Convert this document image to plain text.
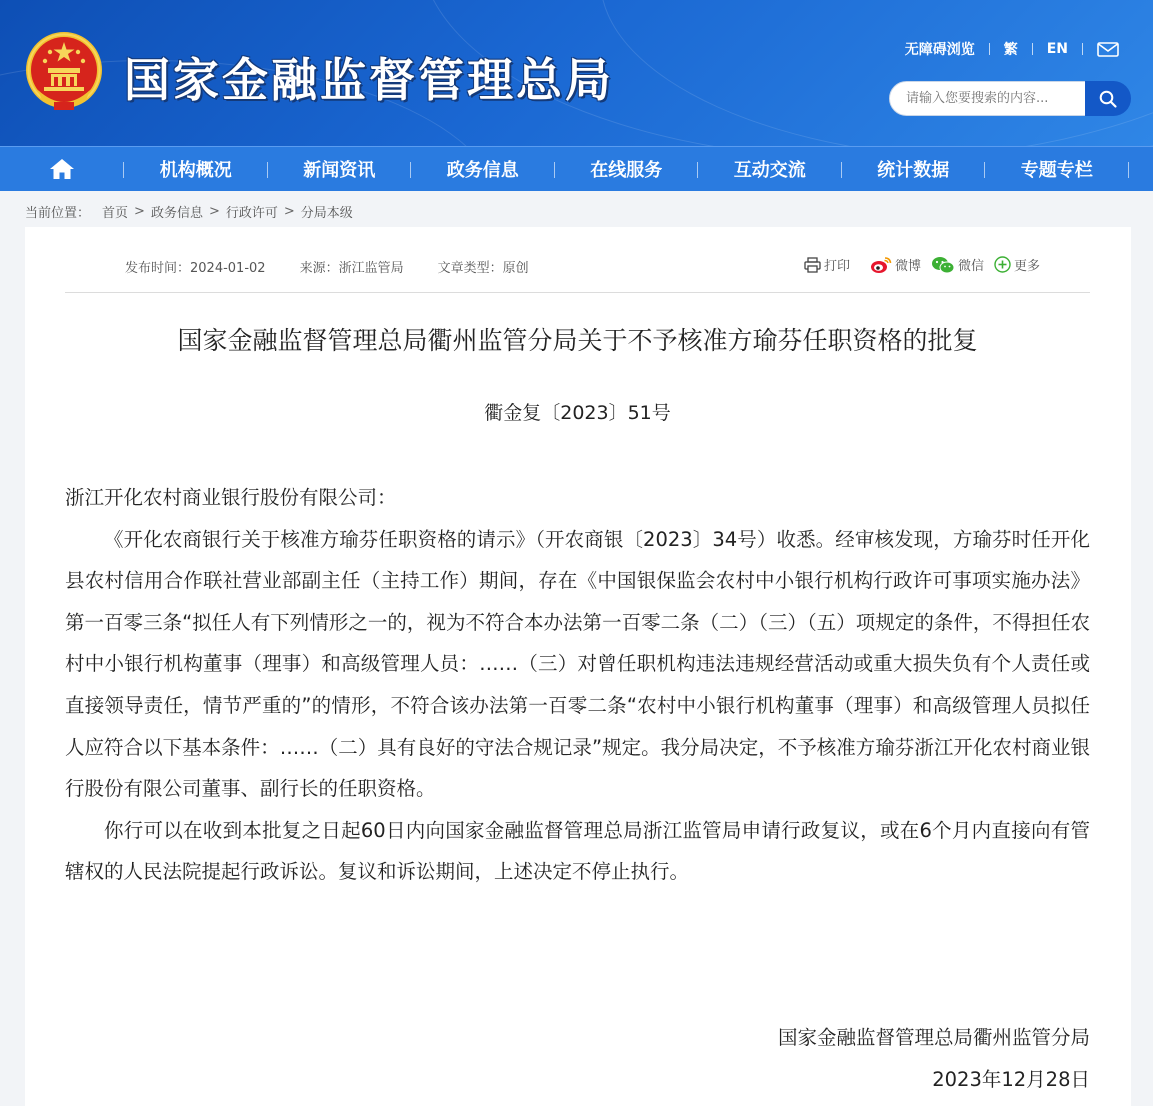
国家金融监督管理总局
无障碍浏览 繁 EN
请输入您要搜索的内容...
机构概况	新闻资讯	政务信息	在线服务	互动交流	统计数据	专题专栏
当前位置： 首页 > 政务信息 > 行政许可 > 分局本级
发布时间：2024-01-02	来源：浙江监管局	文章类型：原创	打印	微博	微信 更多
国家金融监督管理总局衢州监管分局关于不予核准方瑜芬任职资格的批复
衢金复〔2023〕51号

浙江开化农村商业银行股份有限公司：

《开化农商银行关于核准方瑜芬任职资格的请示》（开农商银〔2023〕34号）收悉。经审核发现，方瑜芬时任开化县农村信用合作联社营业部副主任（主持工作）期间，存在《中国银保监会农村中小银行机构行政许可事项实施办法》第一百零三条“拟任人有下列情形之一的，视为不符合本办法第一百零二条（二）（三）（五）项规定的条件，不得担任农村中小银行机构董事（理事）和高级管理人员：……（三）对曾任职机构违法违规经营活动或重大损失负有个人责任或直接领导责任，情节严重的”的情形，不符合该办法第一百零二条“农村中小银行机构董事（理事）和高级管理人员拟任人应符合以下基本条件：……（二）具有良好的守法合规记录”规定。我分局决定，不予核准方瑜芬浙江开化农村商业银行股份有限公司董事、副行长的任职资格。

你行可以在收到本批复之日起60日内向国家金融监督管理总局浙江监管局申请行政复议，或在6个月内直接向有管辖权的人民法院提起行政诉讼。复议和诉讼期间，上述决定不停止执行。

国家金融监督管理总局衢州监管分局
2023年12月28日
